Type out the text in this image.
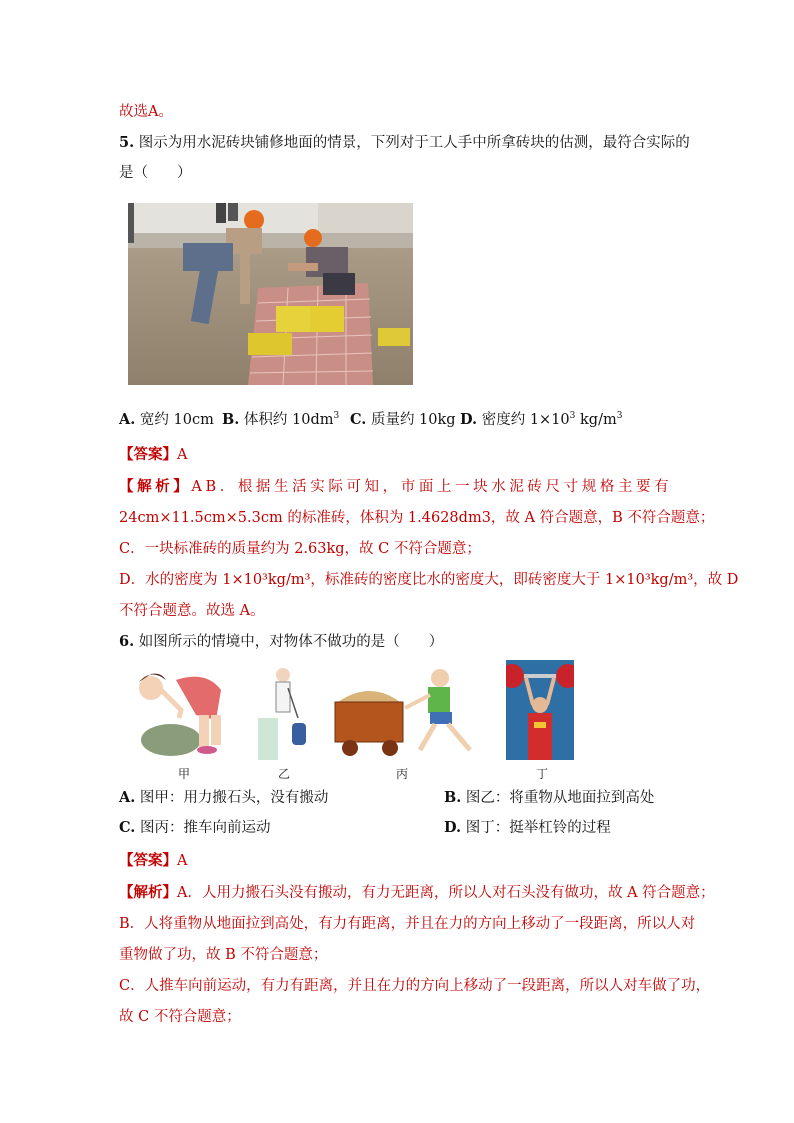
故选A。
5. 图示为用水泥砖块铺修地面的情景，下列对于工人手中所拿砖块的估测，最符合实际的
是（　　）
A. 宽约 10cm B. 体积约 $10dm^3$ C. 质量约 10kg D. 密度约 $1\times 10^3$ $kg/m^3$
【答案】A
【解析】AB．根据生活实际可知，市面上一块水泥砖尺寸规格主要有
24cm×11.5cm×5.3cm 的标准砖，体积为 1.4628dm3，故 A 符合题意，B 不符合题意；
C．一块标准砖的质量约为 2.63kg，故 C 不符合题意；
D．水的密度为 1×10³kg/m³，标准砖的密度比水的密度大，即砖密度大于 1×10³kg/m³，故 D
不符合题意。故选 A。
6. 如图所示的情境中，对物体不做功的是（　　）
甲	乙	丙	丁
A. 图甲：用力搬石头，没有搬动	B. 图乙：将重物从地面拉到高处
C. 图丙：推车向前运动	D. 图丁：挺举杠铃的过程
【答案】A
【解析】A．人用力搬石头没有搬动，有力无距离，所以人对石头没有做功，故 A 符合题意；
B．人将重物从地面拉到高处，有力有距离，并且在力的方向上移动了一段距离，所以人对
重物做了功，故 B 不符合题意；
C．人推车向前运动，有力有距离，并且在力的方向上移动了一段距离，所以人对车做了功，
故 C 不符合题意；
